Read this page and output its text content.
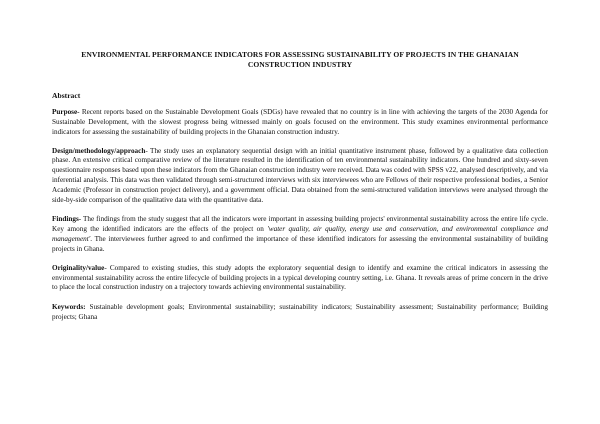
ENVIRONMENTAL PERFORMANCE INDICATORS FOR ASSESSING SUSTAINABILITY OF PROJECTS IN THE GHANAIAN CONSTRUCTION INDUSTRY
Abstract

Purpose- Recent reports based on the Sustainable Development Goals (SDGs) have revealed that no country is in line with achieving the targets of the 2030 Agenda for Sustainable Development, with the slowest progress being witnessed mainly on goals focused on the environment. This study examines environmental performance indicators for assessing the sustainability of building projects in the Ghanaian construction industry.

Design/methodology/approach- The study uses an explanatory sequential design with an initial quantitative instrument phase, followed by a qualitative data collection phase. An extensive critical comparative review of the literature resulted in the identification of ten environmental sustainability indicators. One hundred and sixty-seven questionnaire responses based upon these indicators from the Ghanaian construction industry were received. Data was coded with SPSS v22, analysed descriptively, and via inferential analysis. This data was then validated through semi-structured interviews with six interviewees who are Fellows of their respective professional bodies, a Senior Academic (Professor in construction project delivery), and a government official. Data obtained from the semi-structured validation interviews were analysed through the side-by-side comparison of the qualitative data with the quantitative data.

Findings- The findings from the study suggest that all the indicators were important in assessing building projects' environmental sustainability across the entire life cycle. Key among the identified indicators are the effects of the project on 'water quality, air quality, energy use and conservation, and environmental compliance and management'. The interviewees further agreed to and confirmed the importance of these identified indicators for assessing the environmental sustainability of building projects in Ghana.

Originality/value- Compared to existing studies, this study adopts the exploratory sequential design to identify and examine the critical indicators in assessing the environmental sustainability across the entire lifecycle of building projects in a typical developing country setting, i.e. Ghana. It reveals areas of prime concern in the drive to place the local construction industry on a trajectory towards achieving environmental sustainability.

Keywords: Sustainable development goals; Environmental sustainability; sustainability indicators; Sustainability assessment; Sustainability performance; Building projects; Ghana
